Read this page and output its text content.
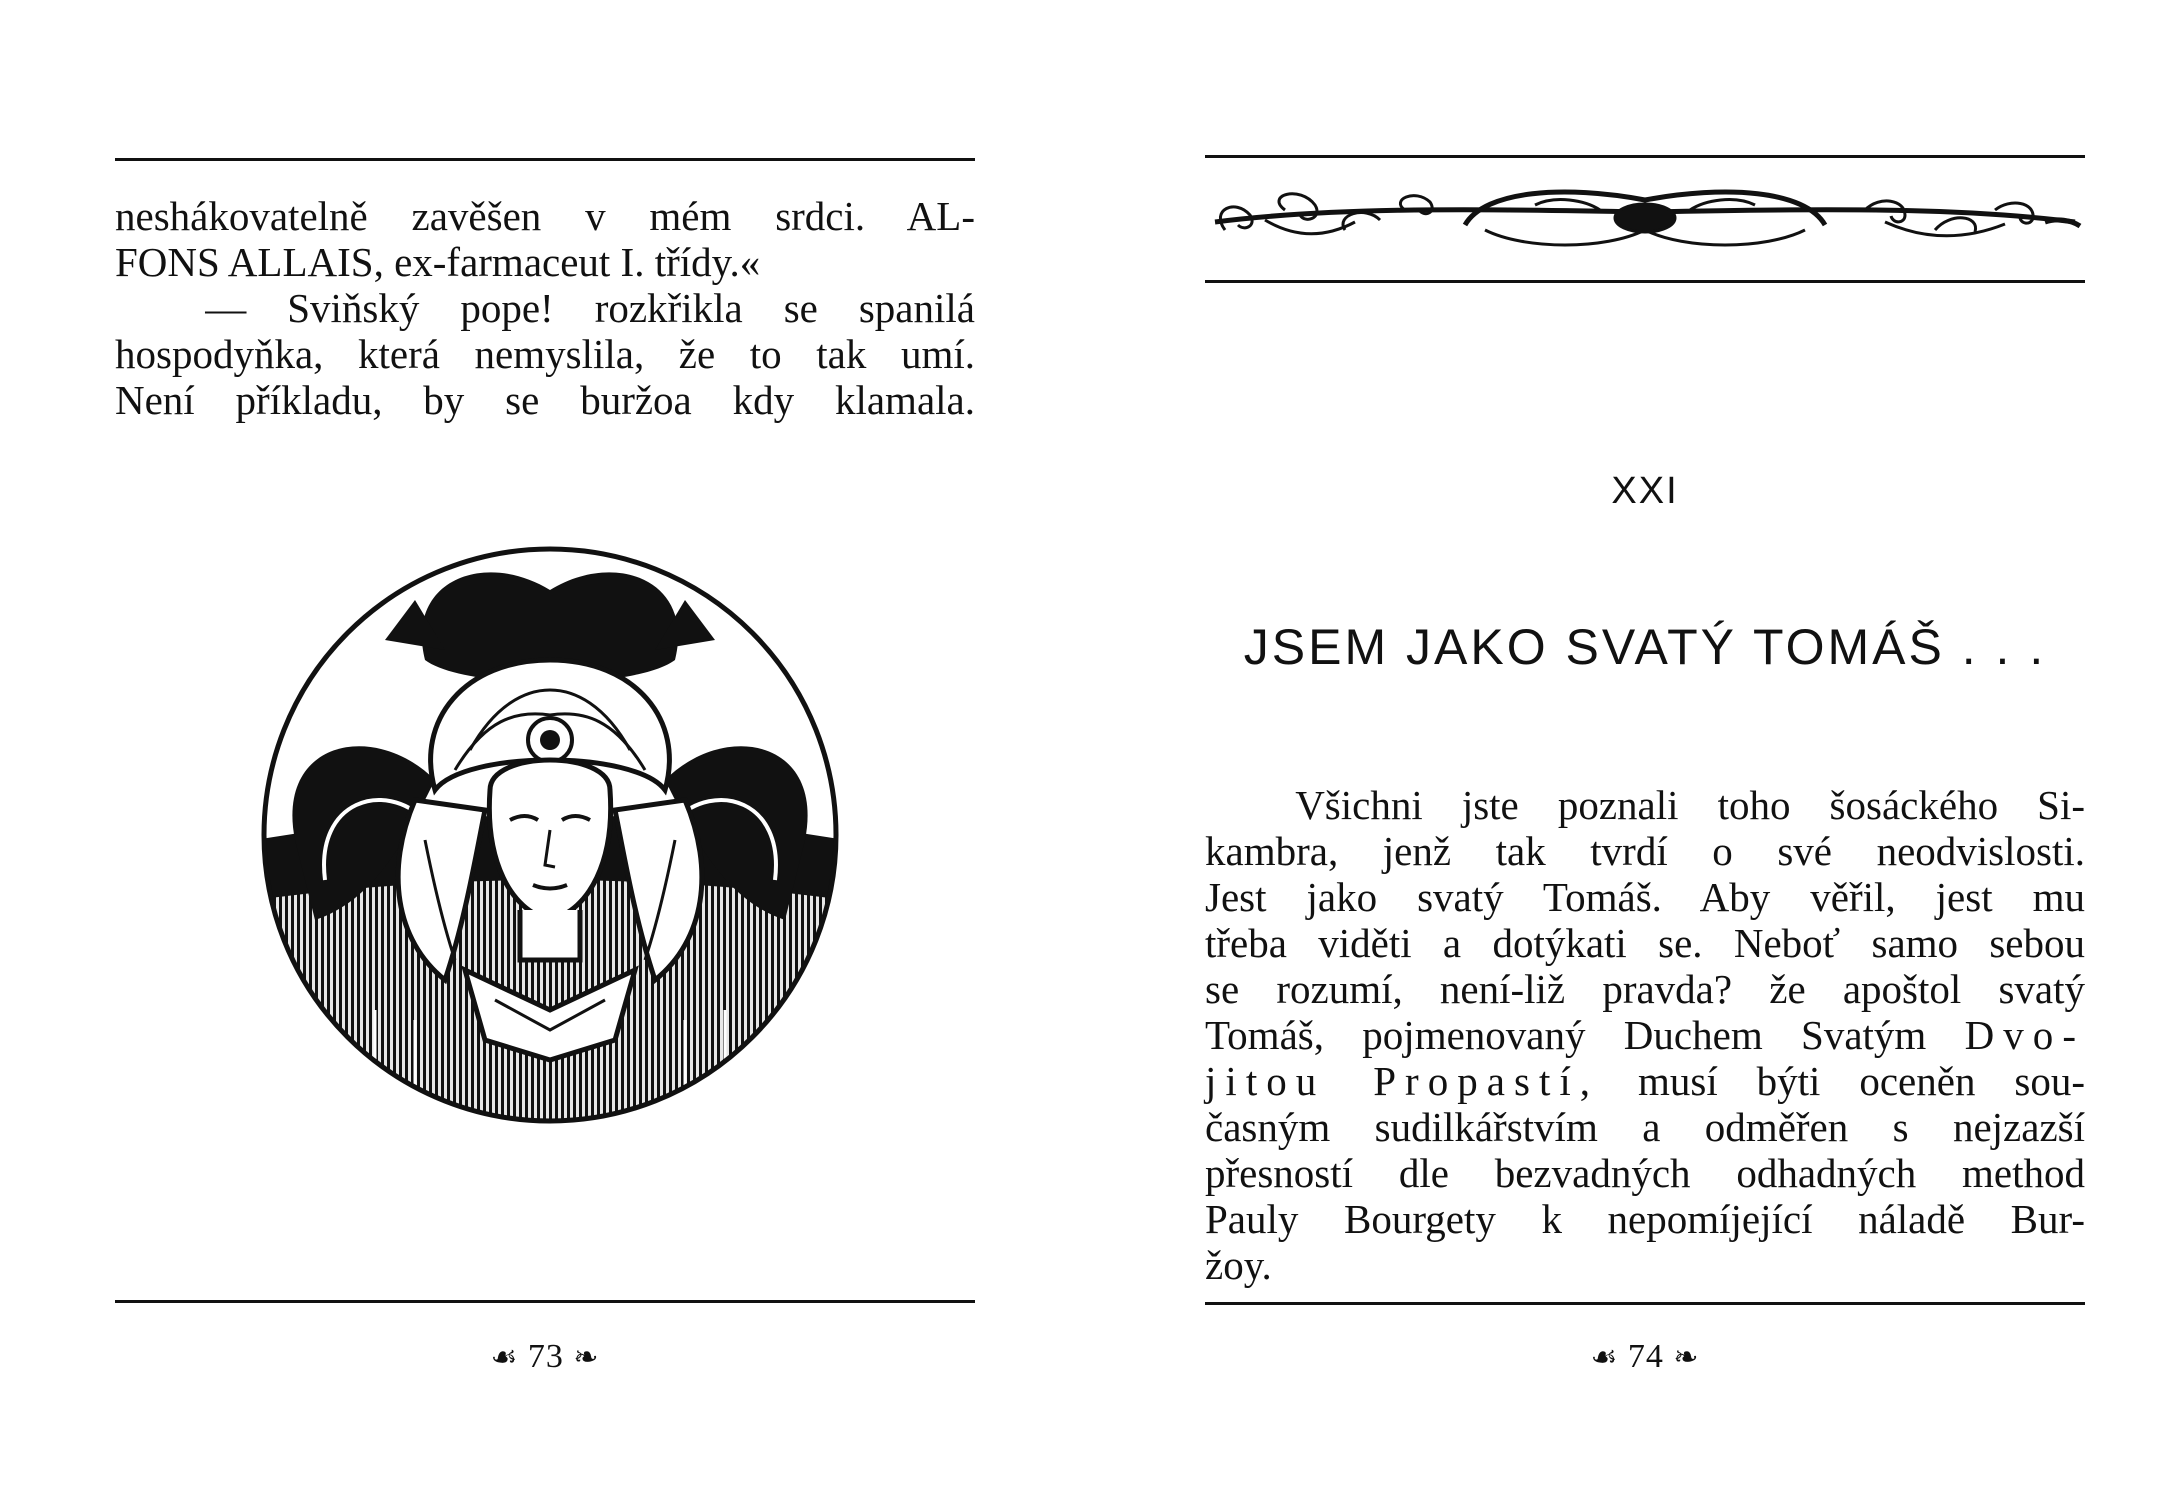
neshákovatelně zavěšen v mém srdci. AL-

FONS ALLAIS, ex-farmaceut I. třídy.«

— Sviňský pope! rozkřikla se spanilá

hospodyňka, která nemyslila, že to tak umí.

Není příkladu, by se buržoa kdy klamala.

☙ 73 ❧
XXI
JSEM JAKO SVATÝ TOMÁŠ . . .

Všichni jste poznali toho šosáckého Si-

kambra, jenž tak tvrdí o své neodvislosti.

Jest jako svatý Tomáš. Aby věřil, jest mu

třeba viděti a dotýkati se. Neboť samo sebou

se rozumí, není-liž pravda? že apoštol svatý

Tomáš, pojmenovaný Duchem Svatým Dvo-

jitou Propastí, musí býti oceněn sou-

časným sudilkářstvím a odměřen s nejzazší

přesností dle bezvadných odhadných method

Pauly Bourgety k nepomíjející náladě Bur-

žoy.

☙ 74 ❧
